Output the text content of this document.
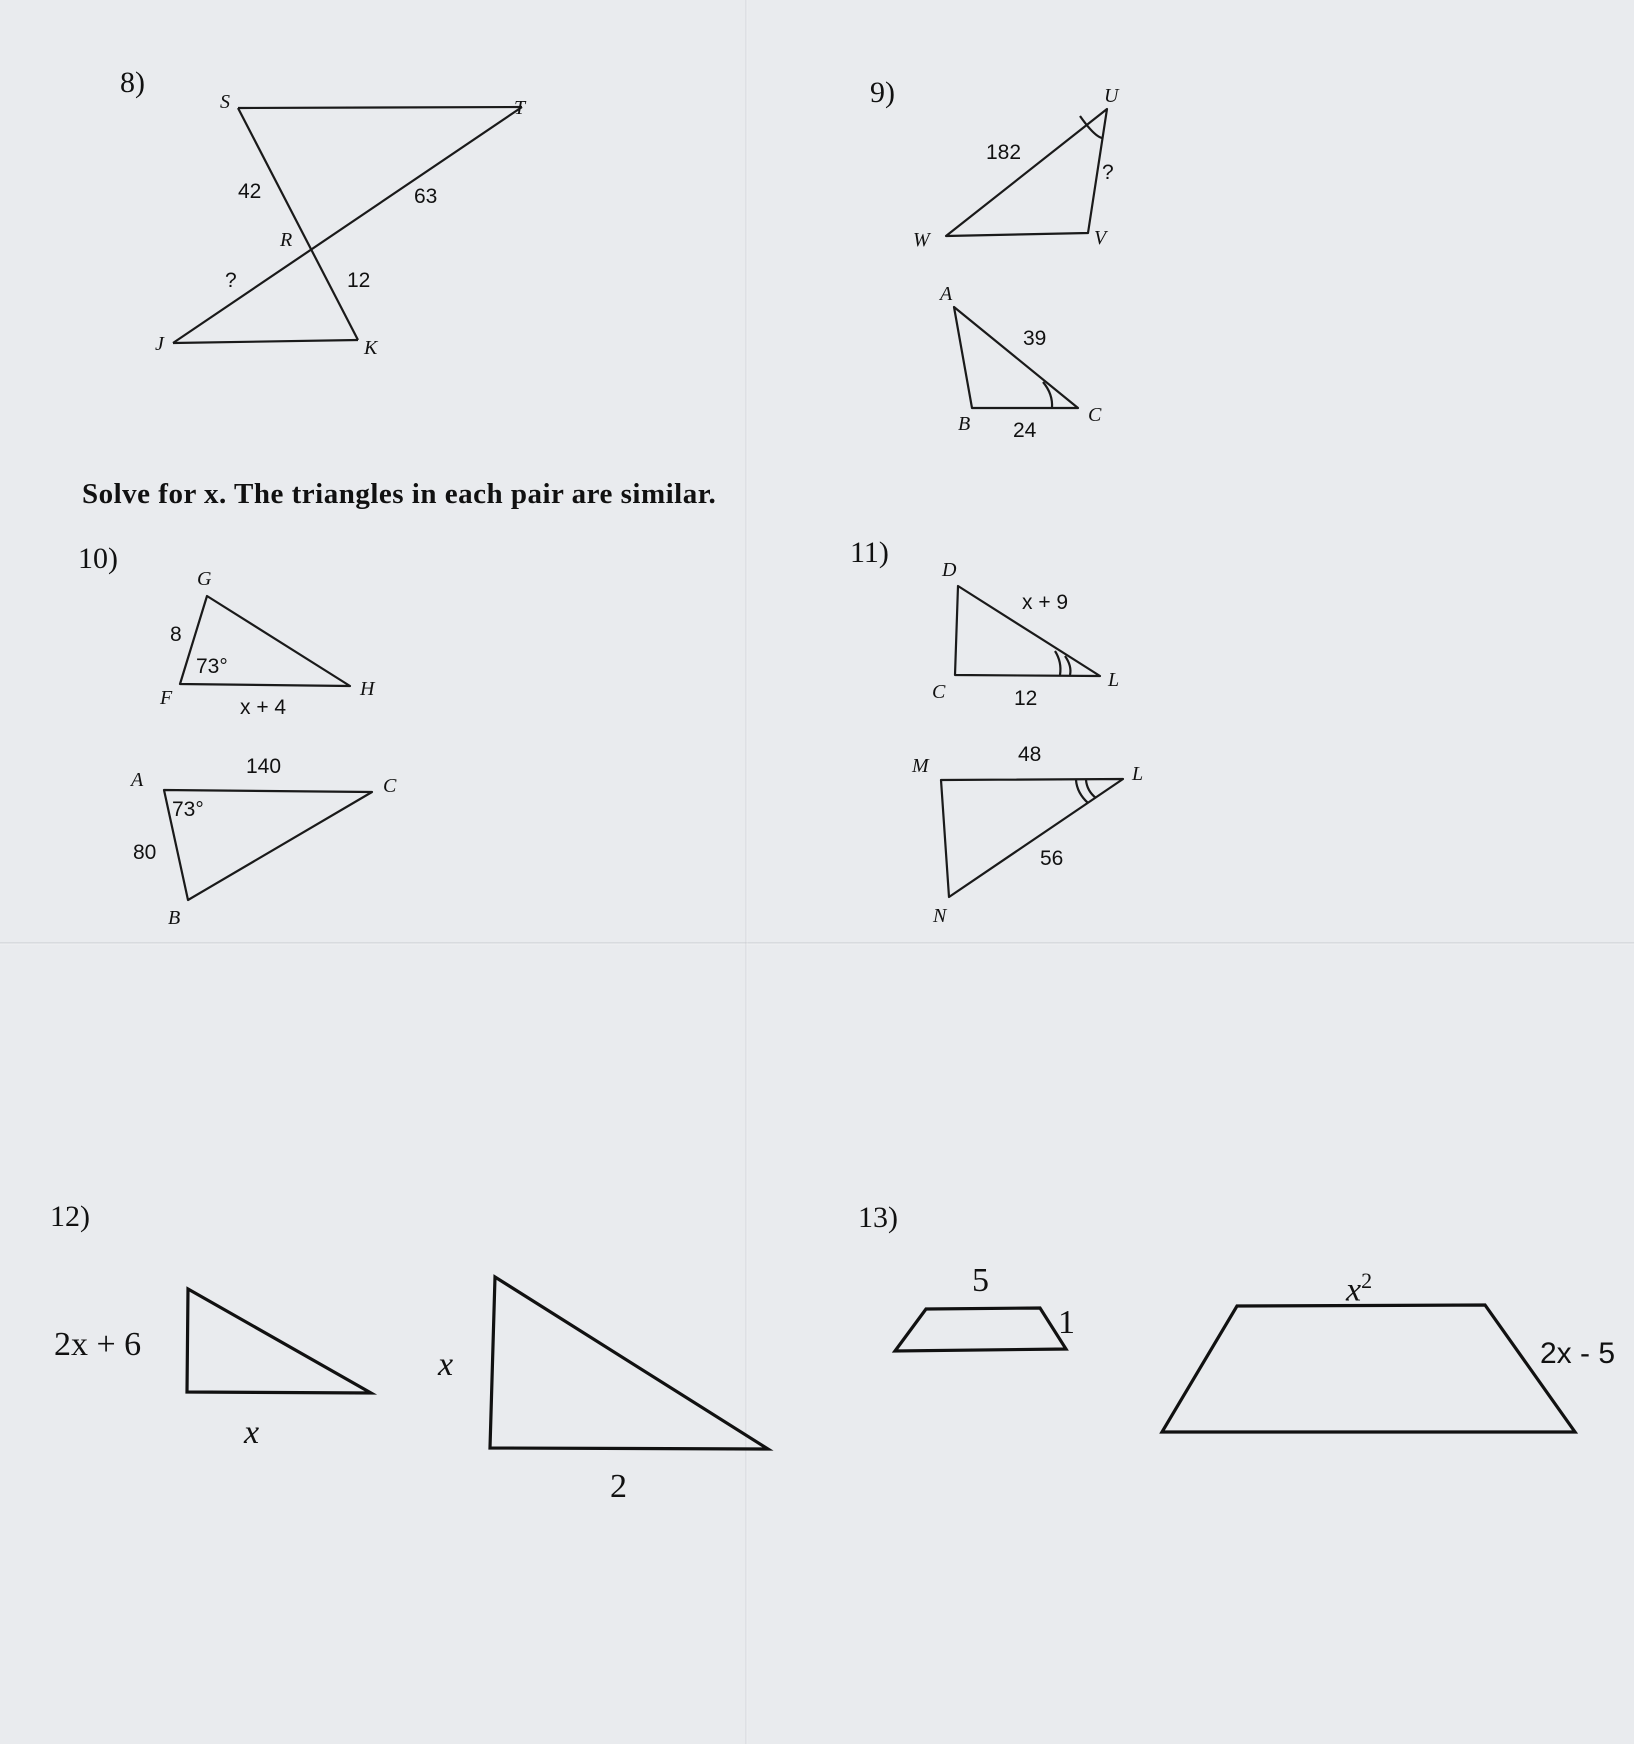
8)
S	T
42	63
R
?	12
J	K
9)	U
182
?
W	V
A
39
C
B 24
Solve for x. The triangles in each pair are similar.
10)
G
8
73°
F	H
x + 4
140
A	C
73°
80
B
11)
D
x + 9
L
C	12
48
M	L
56
N
12)
2x + 6
x
x
2
13)
5
1
$x^2$
2x - 5
